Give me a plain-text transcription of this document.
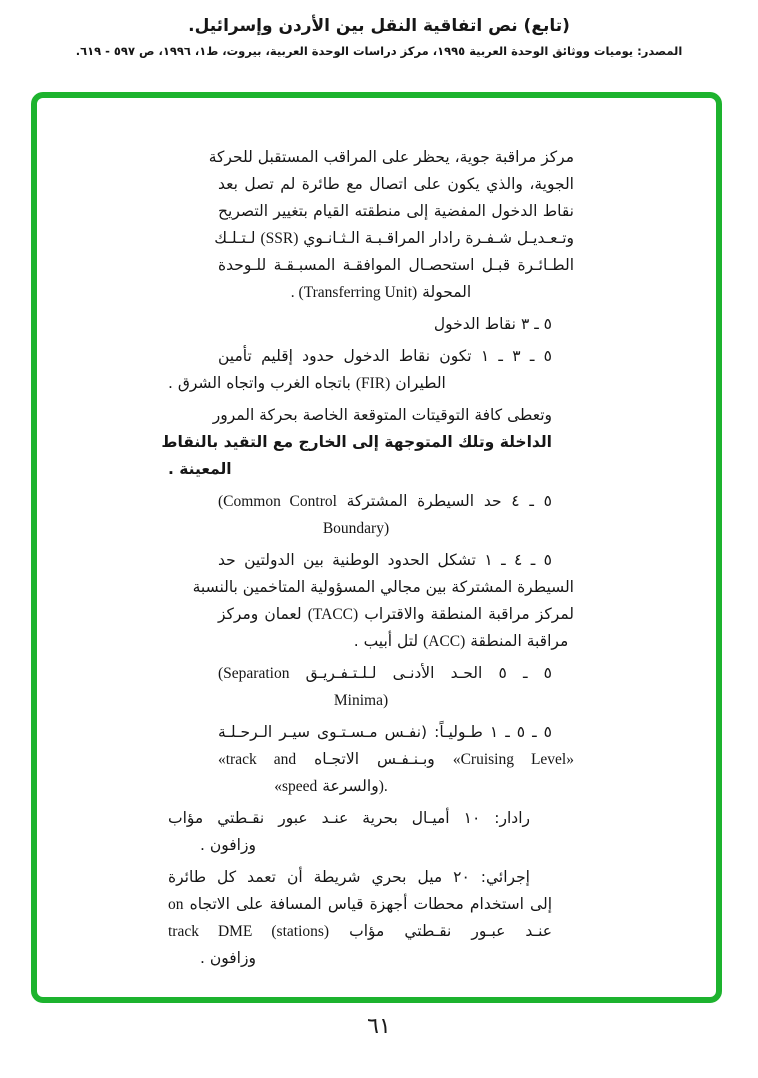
(تابع) نص اتفاقية النقل بين الأردن وإسرائيل.
المصدر: يوميات ووثائق الوحدة العربية ١٩٩٥، مركز دراسات الوحدة العربية، بيروت، ط١، ١٩٩٦، ص ٥٩٧ - ٦١٩.
مركز مراقبة جوية، يحظر على المراقب المستقبل للحركة
الجوية، والذي يكون على اتصال مع طائرة لم تصل بعد
نقاط الدخول المفضية إلى منطقته القيام بتغيير التصريح
وتـعـديـل شـفـرة رادار المراقـبـة الـثـانـوي (SSR) لـتـلـك
الطـائـرة قبـل استحصـال الموافقـة المسبـقـة للـوحدة
المحولة . (Transferring Unit)
٥ ـ ٣ نقاط الدخول
٥ ـ ٣ ـ ١ تكون نقاط الدخول حدود إقليم تأمين
الطيران (FIR) باتجاه الغرب واتجاه الشرق .
وتعطى كافة التوقيتات المتوقعة الخاصة بحركة المرور
الداخلة وتلك المتوجهة إلى الخارج مع التقيد بالنقاط
المعينة .
٥ ـ ٤ حد السيطرة المشتركة (Common Control
Boundary)
٥ ـ ٤ ـ ١ تشكل الحدود الوطنية بين الدولتين حد
السيطرة المشتركة بين مجالي المسؤولية المتاخمين بالنسبة
لمركز مراقبة المنطقة والاقتراب (TACC) لعمان ومركز
مراقبة المنطقة (ACC) لتل أبيب .
٥ ـ ٥ الحـد الأدنـى لـلـتـفـريـق (Separation
Minima)
٥ ـ ٥ ـ ١ طـوليـاً: (نفـس مـسـتـوى سيـر الـرحـلـة
«Cruising Level» وبـنـفـس الاتجـاه «track and
والسرعة). «speed
رادار: ١٠ أميـال بحرية عنـد عبور نقـطتي مؤاب
وزافون .
إجرائي: ٢٠ ميل بحري شريطة أن تعمد كل طائرة
إلى استخدام محطات أجهزة قياس المسافة على الاتجاه on
عنـد عبـور نقـطتي مؤاب track DME (stations)
وزافون .
٦١
